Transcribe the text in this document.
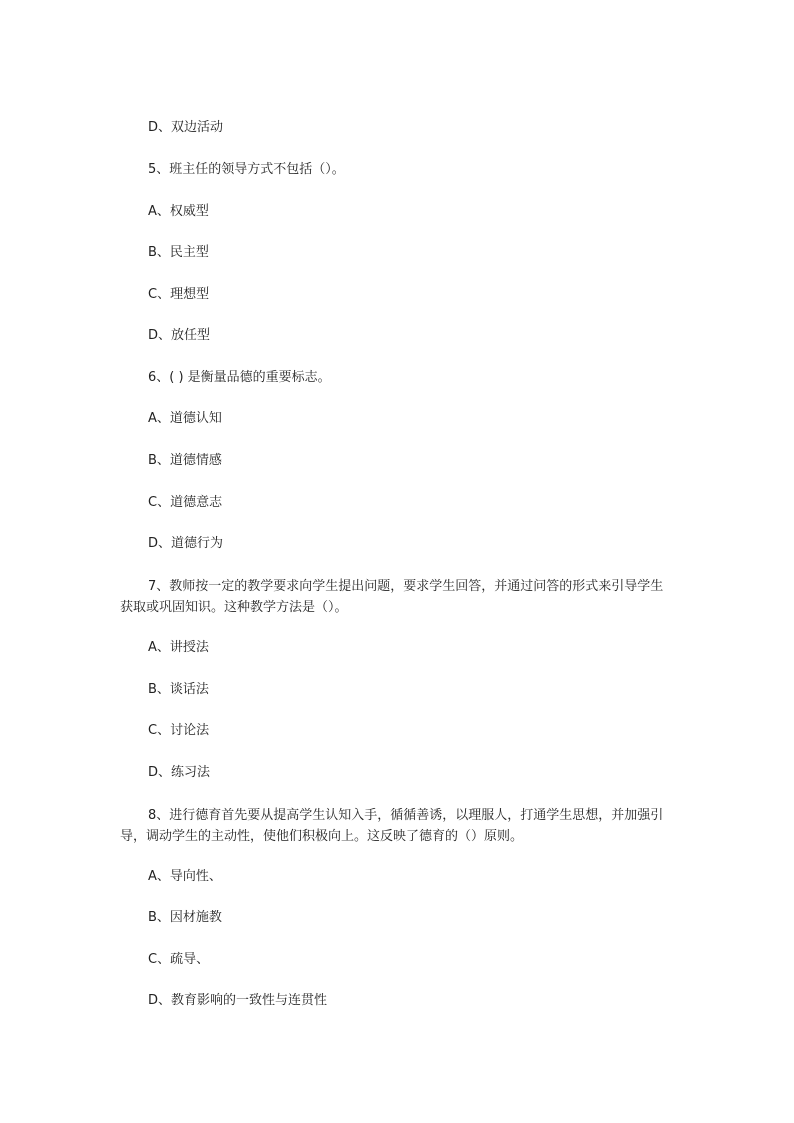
D、双边活动
5、班主任的领导方式不包括（）。
A、权威型
B、民主型
C、理想型
D、放任型
6、( ) 是衡量品德的重要标志。
A、道德认知
B、道德情感
C、道德意志
D、道德行为
7、教师按一定的教学要求向学生提出问题，要求学生回答，并通过问答的形式来引导学生获取或巩固知识。这种教学方法是（）。
A、讲授法
B、谈话法
C、讨论法
D、练习法
8、进行德育首先要从提高学生认知入手，循循善诱，以理服人，打通学生思想，并加强引导，调动学生的主动性，使他们积极向上。这反映了德育的（）原则。
A、导向性、
B、因材施教
C、疏导、
D、教育影响的一致性与连贯性
